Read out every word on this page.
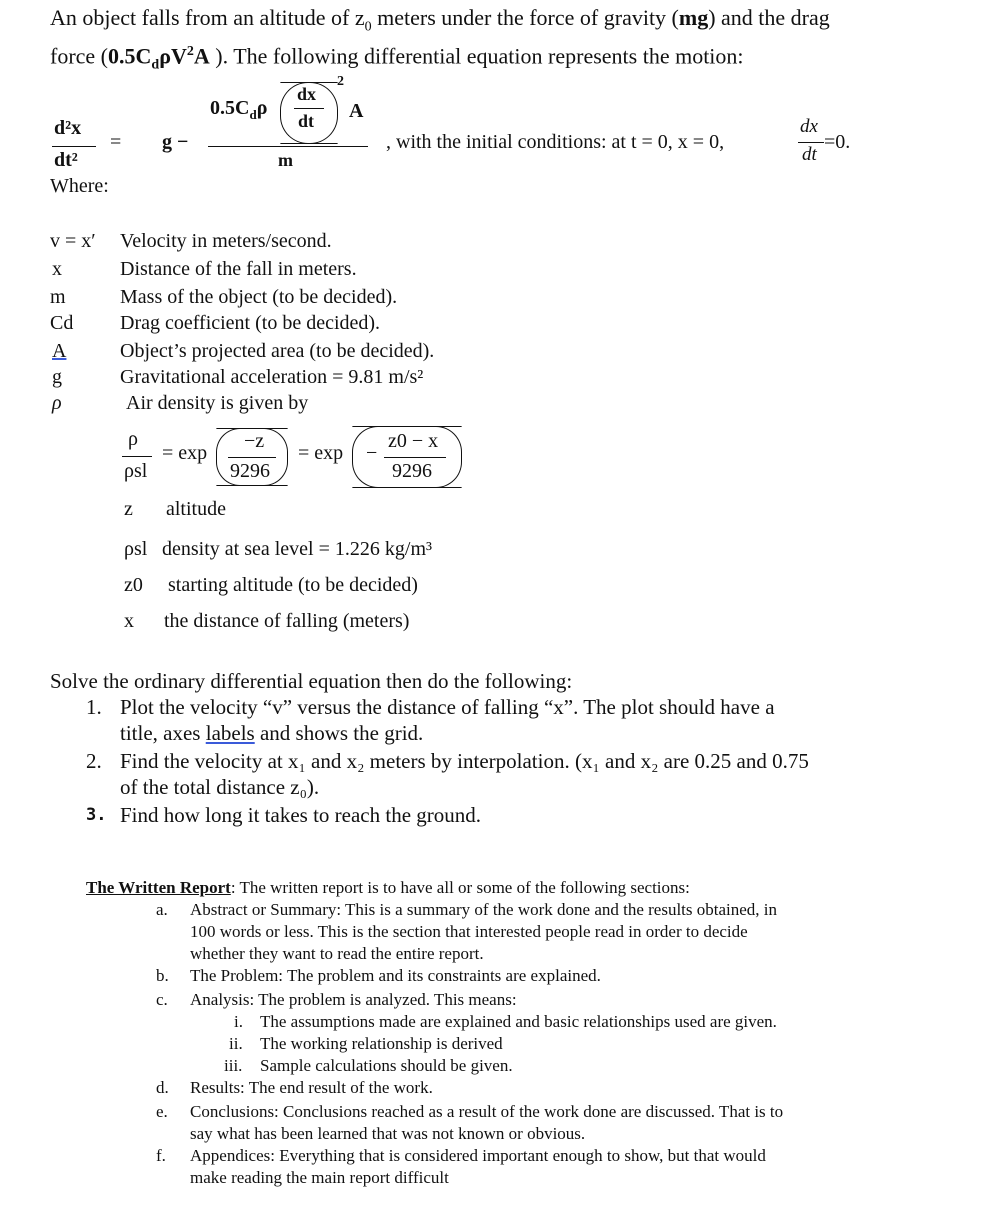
An object falls from an altitude of $z_0$ meters under the force of gravity (mg) and the drag
force ($0.5C_d\rho V^2A$ ). The following differential equation represents the motion:
d²x
dt²
= g −
$0.5C_d\rho$
dx
dt
2
A
m
, with the initial conditions: at t = 0, x = 0,
dx
dt
=0.
Where:
v = x′ Velocity in meters/second.
x	Distance of the fall in meters.
m	Mass of the object (to be decided).
Cd Drag coefficient (to be decided).
A	Object’s projected area (to be decided).
g	Gravitational acceleration = 9.81 m/s²
ρ	Air density is given by
ρ
ρsl
= exp
−z
9296
= exp −
z0 − x
9296
z altitude
ρsl density at sea level = 1.226 kg/m³
z0 starting altitude (to be decided)
x the distance of falling (meters)
Solve the ordinary differential equation then do the following:
1. Plot the velocity “v” versus the distance of falling “x”. The plot should have a
title, axes labels and shows the grid.
2. Find the velocity at x₁ and x₂ meters by interpolation. (x₁ and x₂ are 0.25 and 0.75
of the total distance z₀).
3. Find how long it takes to reach the ground.
The Written Report: The written report is to have all or some of the following sections:
a. Abstract or Summary: This is a summary of the work done and the results obtained, in
100 words or less. This is the section that interested people read in order to decide
whether they want to read the entire report.
b. The Problem: The problem and its constraints are explained.
c. Analysis: The problem is analyzed. This means:
i. The assumptions made are explained and basic relationships used are given.
ii. The working relationship is derived
iii. Sample calculations should be given.
d. Results: The end result of the work.
e. Conclusions: Conclusions reached as a result of the work done are discussed. That is to
say what has been learned that was not known or obvious.
f. Appendices: Everything that is considered important enough to show, but that would
make reading the main report difficult
